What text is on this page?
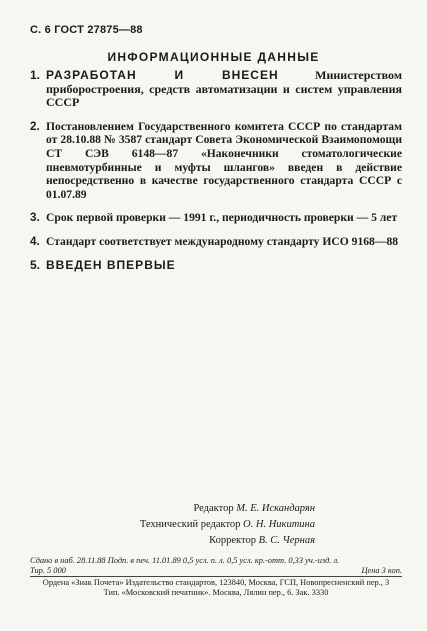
С. 6 ГОСТ 27875—88
ИНФОРМАЦИОННЫЕ ДАННЫЕ
1. РАЗРАБОТАН И ВНЕСЕН Министерством приборостроения, средств автоматизации и систем управления СССР
2. Постановлением Государственного комитета СССР по стандартам от 28.10.88 № 3587 стандарт Совета Экономической Взаимопомощи СТ СЭВ 6148—87 «Наконечники стоматологические пневмотурбинные и муфты шлангов» введен в действие непосредственно в качестве государственного стандарта СССР с 01.07.89
3. Срок первой проверки — 1991 г., периодичность проверки — 5 лет
4. Стандарт соответствует международному стандарту ИСО 9168—88
5. ВВЕДЕН ВПЕРВЫЕ
Редактор М. Е. Искандарян
Технический редактор О. Н. Никитина
Корректор В. С. Черная
Сдано в наб. 28.11.88 Подп. в печ. 11.01.89 0,5 усл. п. л. 0,5 усл. кр.-отт. 0,33 уч.-изд. л.
Тир. 5 000	Цена 3 коп.
Ордена «Знак Почета» Издательство стандартов, 123840, Москва, ГСП, Новопресненский пер., 3
Тип. «Московский печатник». Москва, Лялин пер., 6. Зак. 3330
